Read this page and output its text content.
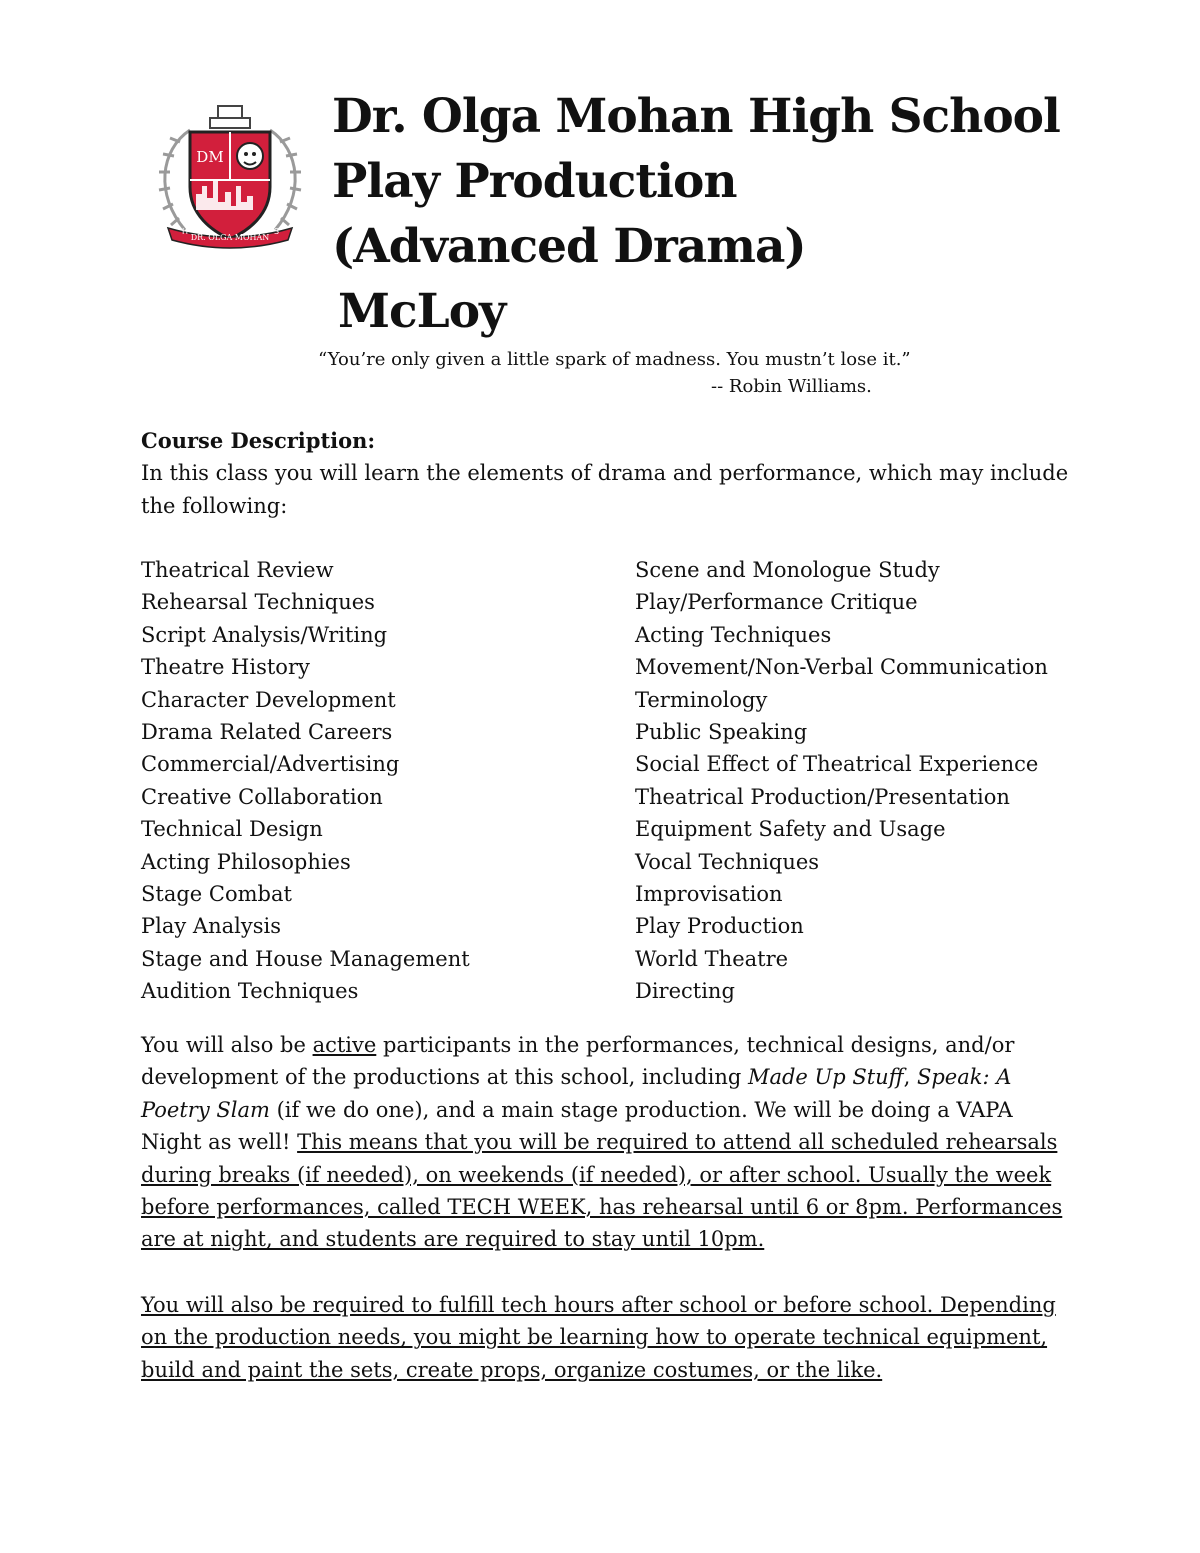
DM
H
DR. OLGA MOHAN
S
Dr. Olga Mohan High School
Play Production
(Advanced Drama)
McLoy
“You’re only given a little spark of madness. You mustn’t lose it.”
-- Robin Williams.
Course Description:
In this class you will learn the elements of drama and performance, which may include the following:
Theatrical Review
Rehearsal Techniques
Script Analysis/Writing
Theatre History
Character Development
Drama Related Careers
Commercial/Advertising
Creative Collaboration
Technical Design
Acting Philosophies
Stage Combat
Play Analysis
Stage and House Management
Audition Techniques
Scene and Monologue Study
Play/Performance Critique
Acting Techniques
Movement/Non-Verbal Communication
Terminology
Public Speaking
Social Effect of Theatrical Experience
Theatrical Production/Presentation
Equipment Safety and Usage
Vocal Techniques
Improvisation
Play Production
World Theatre
Directing

You will also be active participants in the performances, technical designs, and/or development of the productions at this school, including Made Up Stuff, Speak: A Poetry Slam (if we do one), and a main stage production. We will be doing a VAPA Night as well! This means that you will be required to attend all scheduled rehearsals during breaks (if needed), on weekends (if needed), or after school. Usually the week before performances, called TECH WEEK, has rehearsal until 6 or 8pm. Performances are at night, and students are required to stay until 10pm.

You will also be required to fulfill tech hours after school or before school. Depending on the production needs, you might be learning how to operate technical equipment, build and paint the sets, create props, organize costumes, or the like.
